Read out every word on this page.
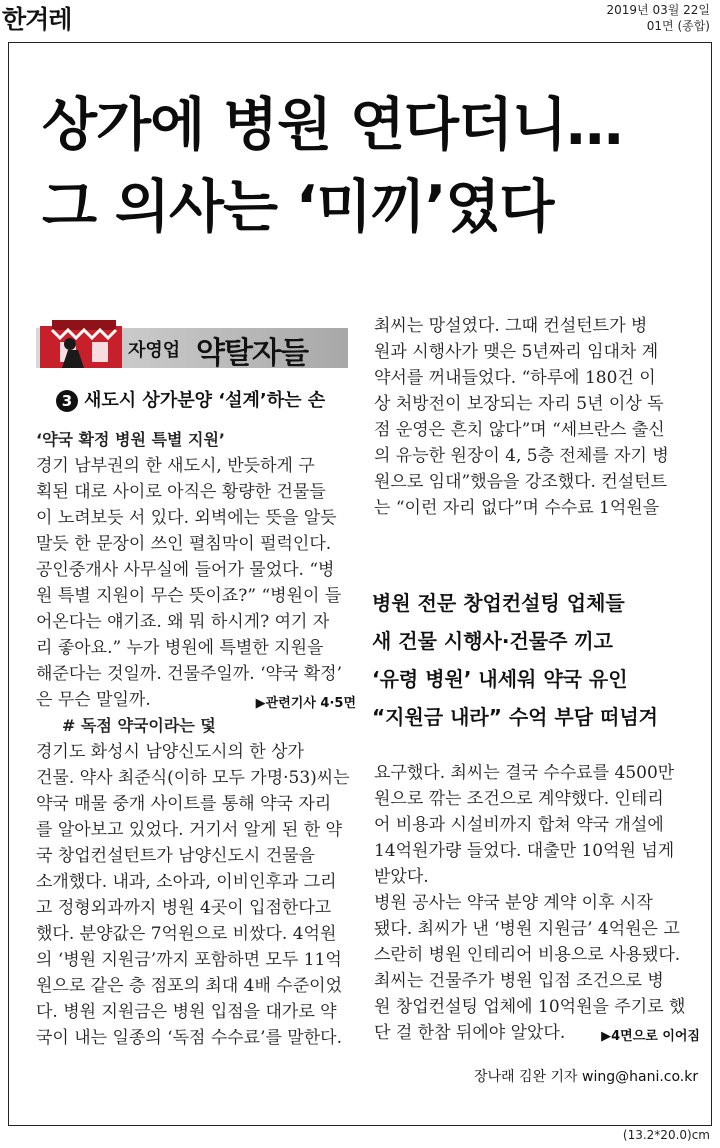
한겨레	2019년 03월 22일
01면 (종합)
상가에 병원 연다더니…
그 의사는 ‘미끼’였다
자영업 약탈자들
3 새도시 상가분양 ‘설계’하는 손

‘약국 확정 병원 특별 지원’

경기 남부권의 한 새도시, 반듯하게 구

획된 대로 사이로 아직은 황량한 건물들

이 노려보듯 서 있다. 외벽에는 뜻을 알듯

말듯 한 문장이 쓰인 펼침막이 펄럭인다.

공인중개사 사무실에 들어가 물었다. “병

원 특별 지원이 무슨 뜻이죠?” “병원이 들

어온다는 얘기죠. 왜 뭐 하시게? 여기 자

리 좋아요.” 누가 병원에 특별한 지원을

해준다는 것일까. 건물주일까. ‘약국 확정’

은 무슨 말일까.	▶관련기사 4·5면

# 독점 약국이라는 덫

경기도 화성시 남양신도시의 한 상가

건물. 약사 최준식(이하 모두 가명·53)씨는

약국 매물 중개 사이트를 통해 약국 자리

를 알아보고 있었다. 거기서 알게 된 한 약

국 창업컨설턴트가 남양신도시 건물을

소개했다. 내과, 소아과, 이비인후과 그리

고 정형외과까지 병원 4곳이 입점한다고

했다. 분양값은 7억원으로 비쌌다. 4억원

의 ‘병원 지원금’까지 포함하면 모두 11억

원으로 같은 층 점포의 최대 4배 수준이었

다. 병원 지원금은 병원 입점을 대가로 약

국이 내는 일종의 ‘독점 수수료’를 말한다.

최씨는 망설였다. 그때 컨설턴트가 병

원과 시행사가 맺은 5년짜리 임대차 계

약서를 꺼내들었다. “하루에 180건 이

상 처방전이 보장되는 자리 5년 이상 독

점 운영은 흔치 않다”며 “세브란스 출신

의 유능한 원장이 4, 5층 전체를 자기 병

원으로 임대”했음을 강조했다. 컨설턴트

는 “이런 자리 없다”며 수수료 1억원을

병원 전문 창업컨설팅 업체들
새 건물 시행사·건물주 끼고
‘유령 병원’ 내세워 약국 유인
“지원금 내라” 수억 부담 떠넘겨

요구했다. 최씨는 결국 수수료를 4500만

원으로 깎는 조건으로 계약했다. 인테리

어 비용과 시설비까지 합쳐 약국 개설에

14억원가량 들었다. 대출만 10억원 넘게

받았다.

병원 공사는 약국 분양 계약 이후 시작

됐다. 최씨가 낸 ‘병원 지원금’ 4억원은 고

스란히 병원 인테리어 비용으로 사용됐다.

최씨는 건물주가 병원 입점 조건으로 병

원 창업컨설팅 업체에 10억원을 주기로 했

단 걸 한참 뒤에야 알았다.	▶4면으로 이어짐
장나래 김완 기자 wing@hani.co.kr
(13.2*20.0)cm
